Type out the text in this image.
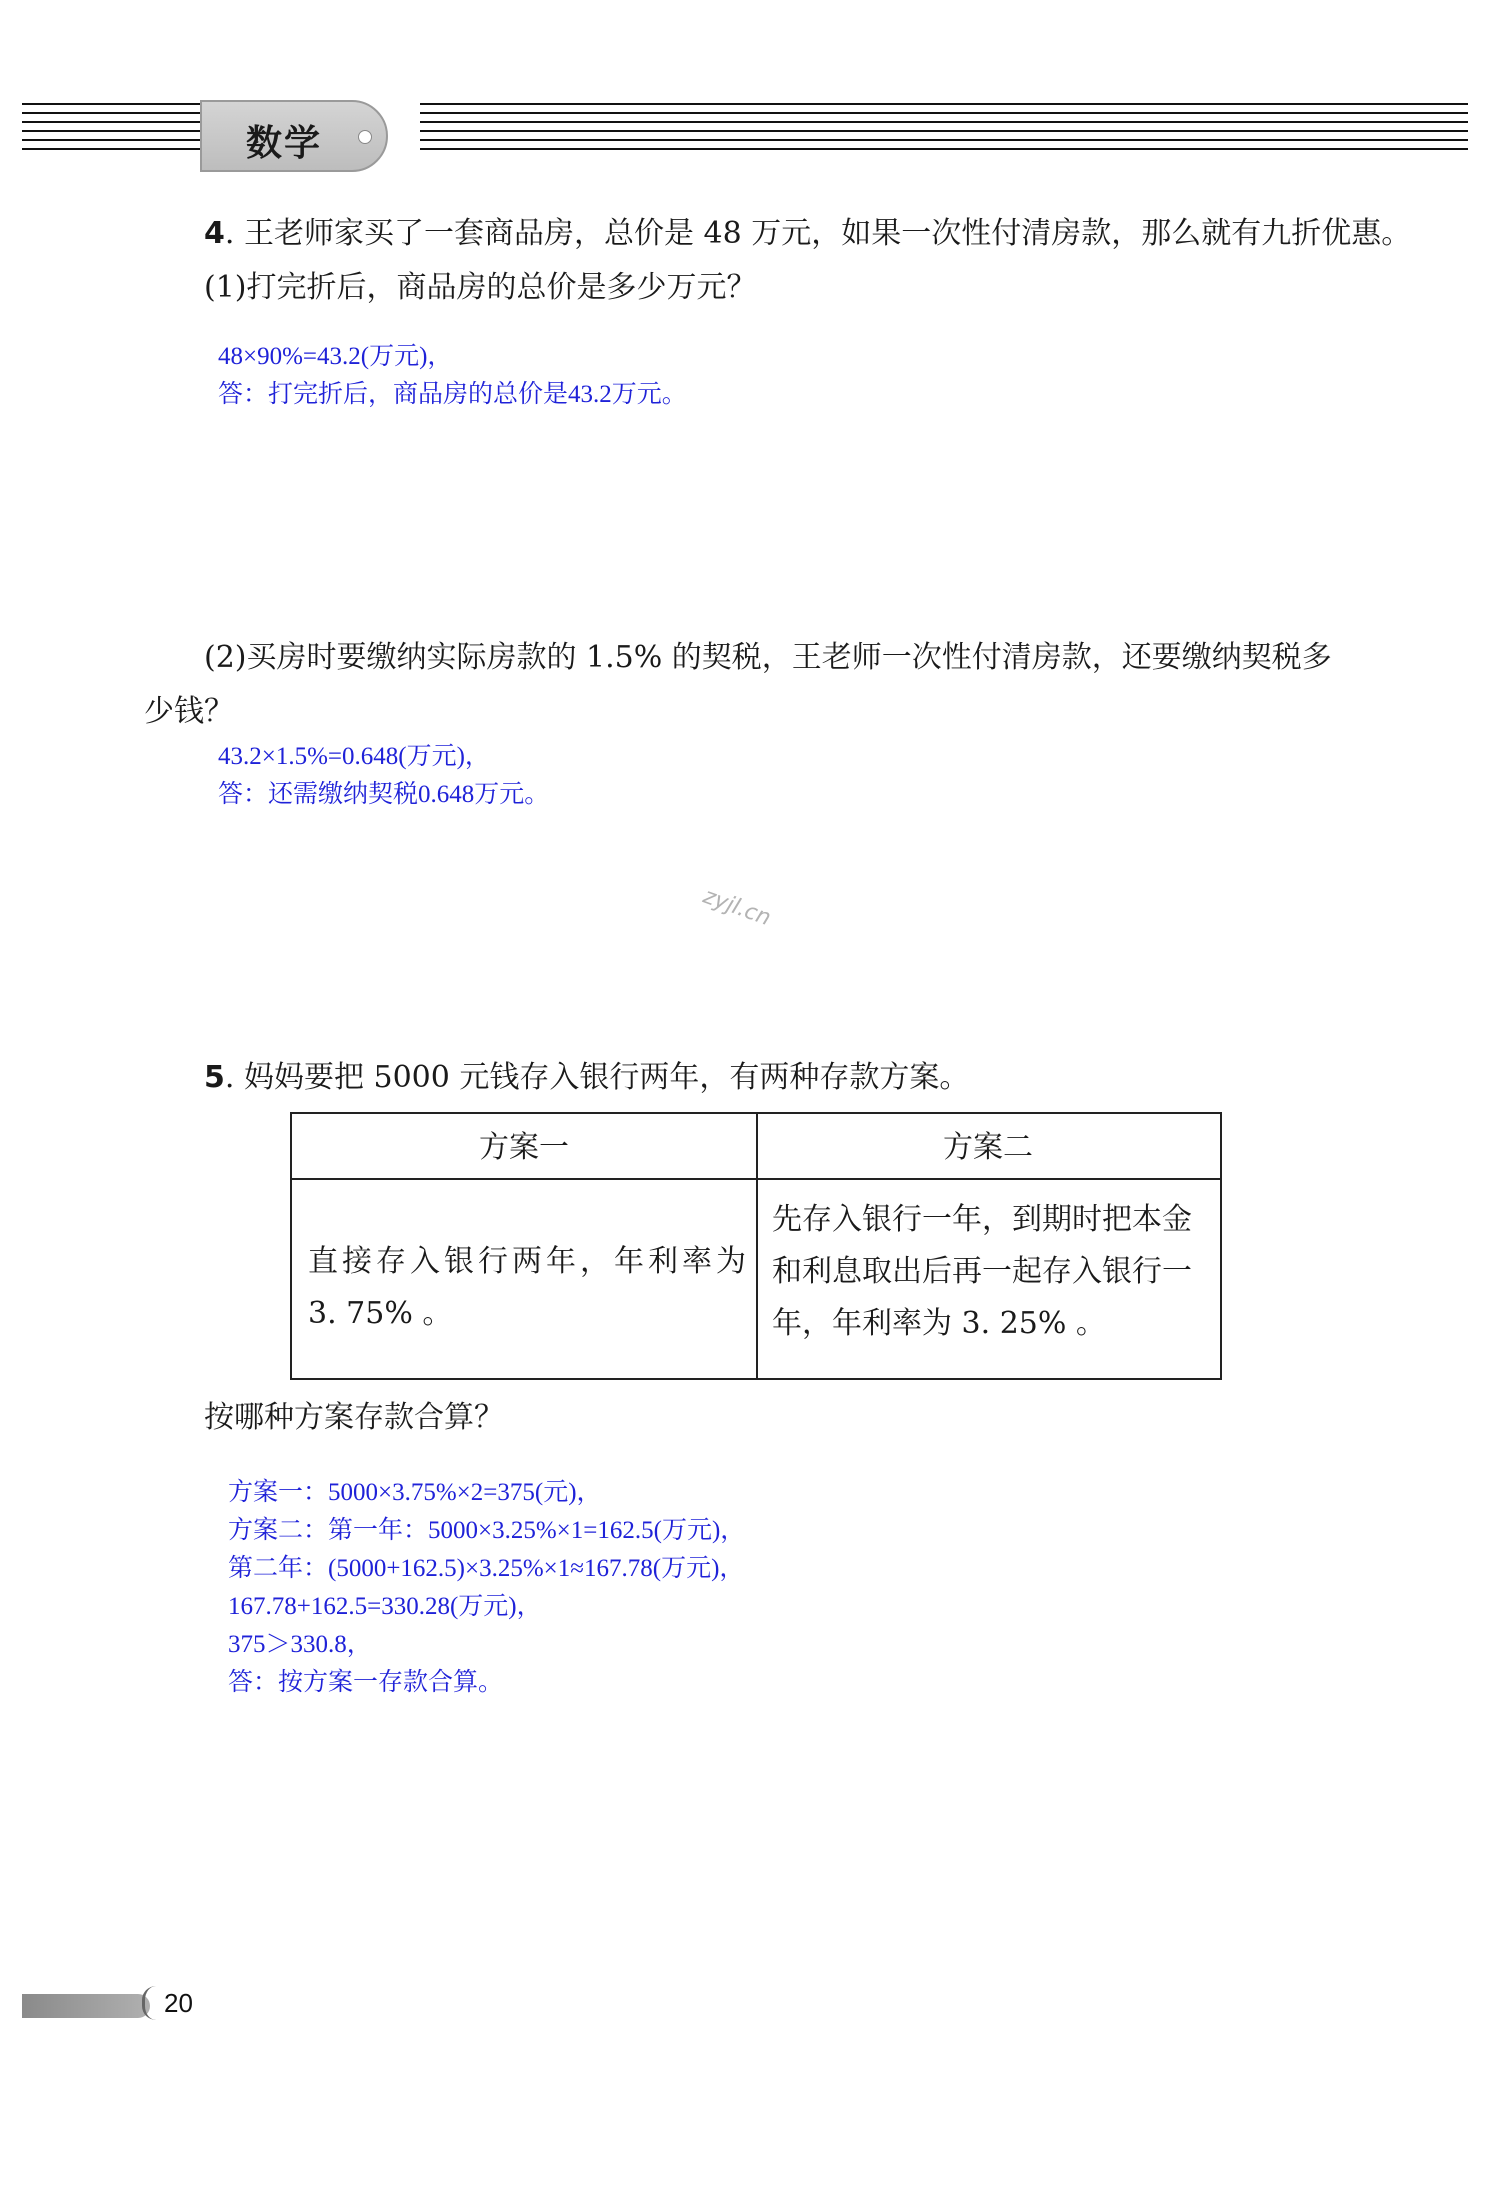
数学
4. 王老师家买了一套商品房，总价是 48 万元，如果一次性付清房款，那么就有九折优惠。
(1)打完折后，商品房的总价是多少万元？
48×90%=43.2(万元)，
答：打完折后，商品房的总价是43.2万元。
(2)买房时要缴纳实际房款的 1.5% 的契税，王老师一次性付清房款，还要缴纳契税多
少钱？
43.2×1.5%=0.648(万元)，
答：还需缴纳契税0.648万元。
zyjl.cn
5. 妈妈要把 5000 元钱存入银行两年，有两种存款方案。
方案一	方案二
直接存入银行两年，年利率为
3. 75% 。
先存入银行一年，到期时把本金
和利息取出后再一起存入银行一
年，年利率为 3. 25% 。
按哪种方案存款合算？
方案一：5000×3.75%×2=375(元)，
方案二：第一年：5000×3.25%×1=162.5(万元)，
第二年：(5000+162.5)×3.25%×1≈167.78(万元)，
167.78+162.5=330.28(万元)，
375＞330.8，
答：按方案一存款合算。
20
